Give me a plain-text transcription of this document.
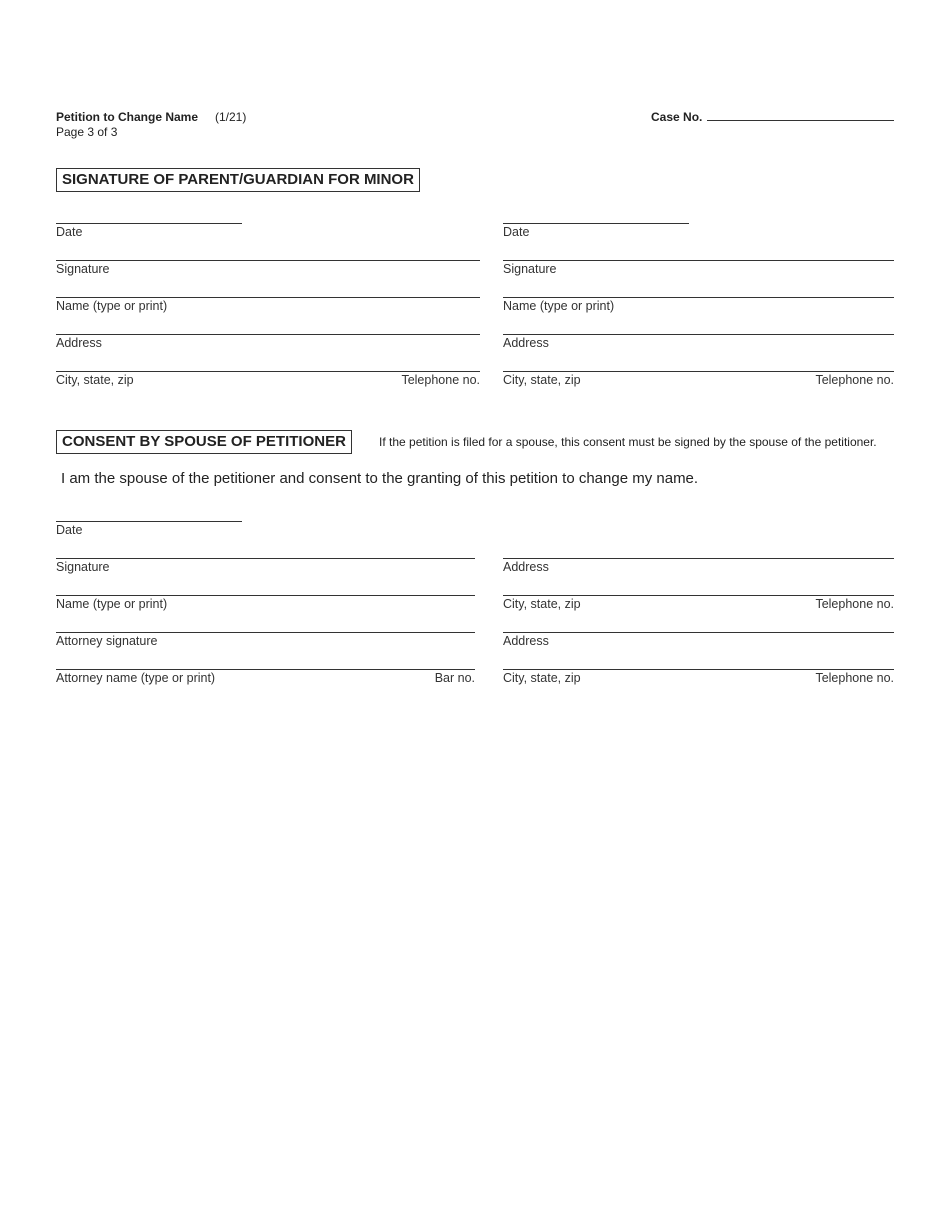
Petition to Change Name (1/21)
Page 3 of 3
Case No.
SIGNATURE OF PARENT/GUARDIAN FOR MINOR
Date
Signature
Name (type or print)
Address
City, state, zip	Telephone no.
Date
Signature
Name (type or print)
Address
City, state, zip	Telephone no.
CONSENT BY SPOUSE OF PETITIONER	If the petition is filed for a spouse, this consent must be signed by the spouse of the petitioner.
I am the spouse of the petitioner and consent to the granting of this petition to change my name.
Date
Signature
Name (type or print)
Attorney signature
Attorney name (type or print)	Bar no.
Address
City, state, zip	Telephone no.
Address
City, state, zip	Telephone no.
